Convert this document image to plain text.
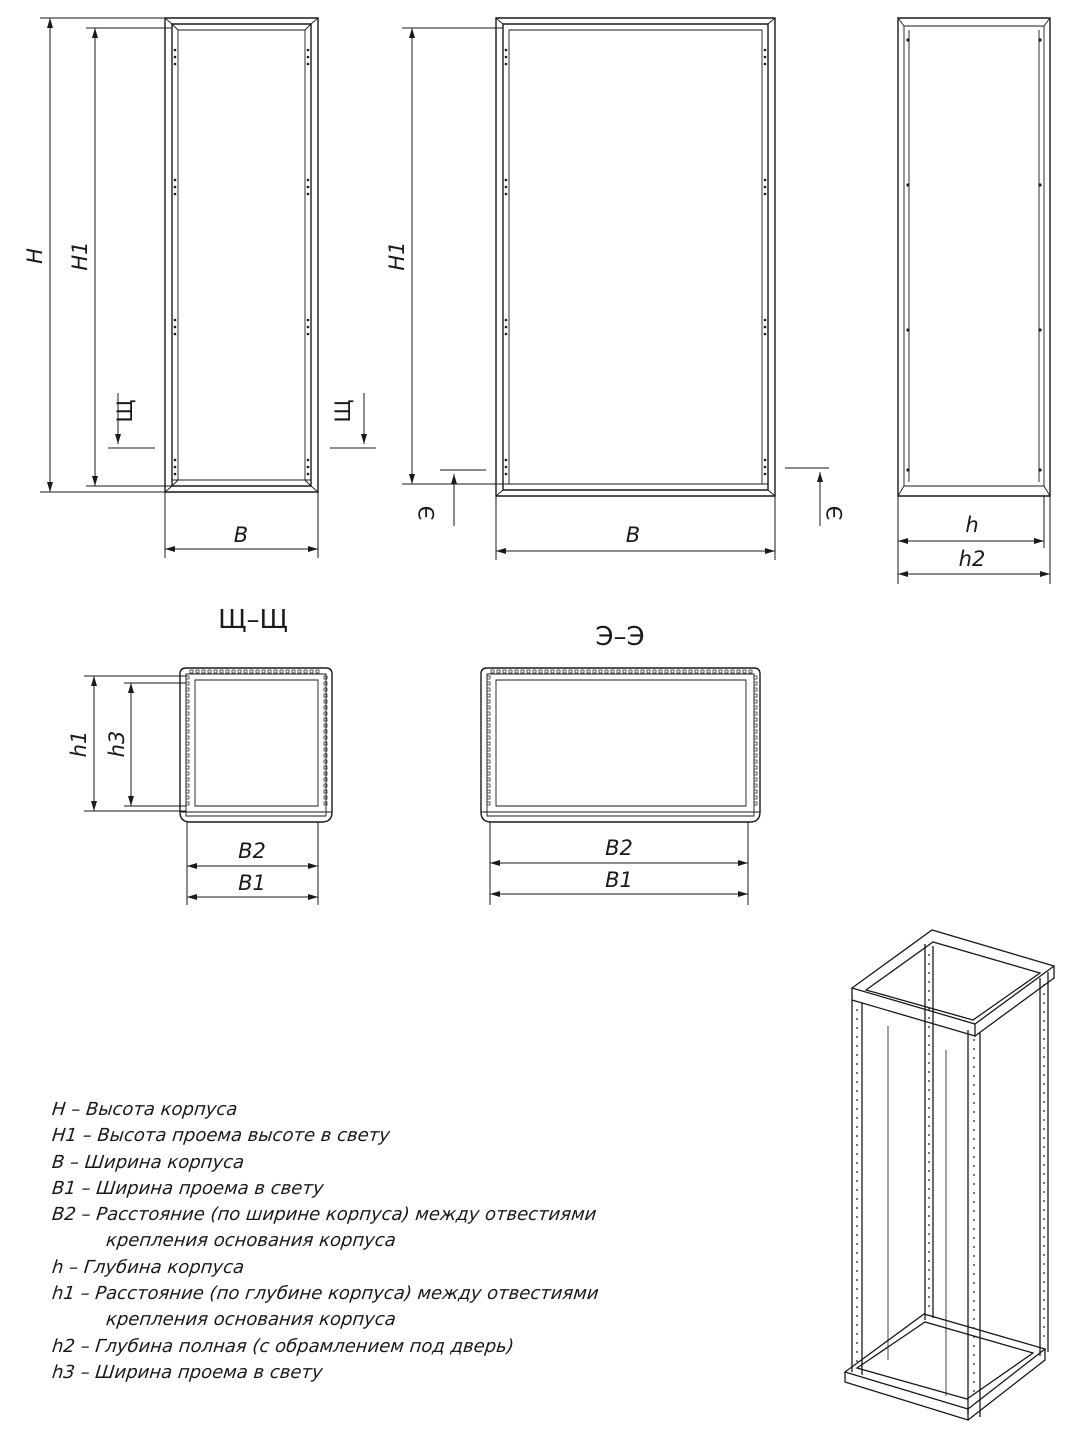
H H1
B
Щ
H1
B
Щ
Э	Э	h
h2
Щ–Щ
h1 h3
B2
B1
Э–Э
B2
B1
H – Высота корпуса
H1 – Высота проема высоте в свету
B – Ширина корпуса
B1 – Ширина проема в свету
B2 – Расстояние (по ширине корпуса) между отвестиями
крепления основания корпуса
h – Глубина корпуса
h1 – Расстояние (по глубине корпуса) между отвестиями
крепления основания корпуса
h2 – Глубина полная (с обрамлением под дверь)
h3 – Ширина проема в свету
